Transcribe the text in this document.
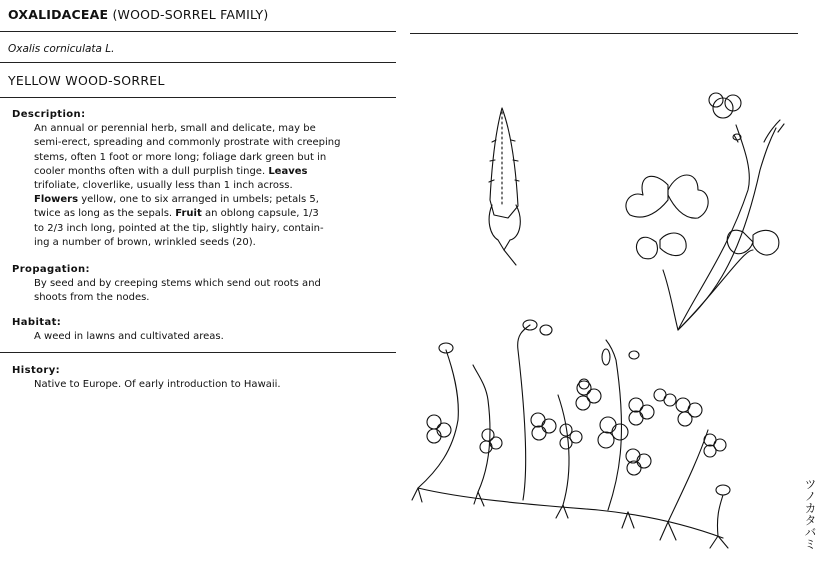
OXALIDACEAE (WOOD-SORREL FAMILY)
Oxalis corniculata L.
YELLOW WOOD-SORREL
Description:

An annual or perennial herb, small and delicate, may be
semi-erect, spreading and commonly prostrate with creeping
stems, often 1 foot or more long; foliage dark green but in
cooler months often with a dull purplish tinge. Leaves
trifoliate, cloverlike, usually less than 1 inch across.
Flowers yellow, one to six arranged in umbels; petals 5,
twice as long as the sepals. Fruit an oblong capsule, 1/3
to 2/3 inch long, pointed at the tip, slightly hairy, contain-
ing a number of brown, wrinkled seeds (20).

Propagation:

By seed and by creeping stems which send out roots and
shoots from the nodes.

Habitat:

A weed in lawns and cultivated areas.

History:

Native to Europe. Of early introduction to Hawaii.

ツノカタバミ
